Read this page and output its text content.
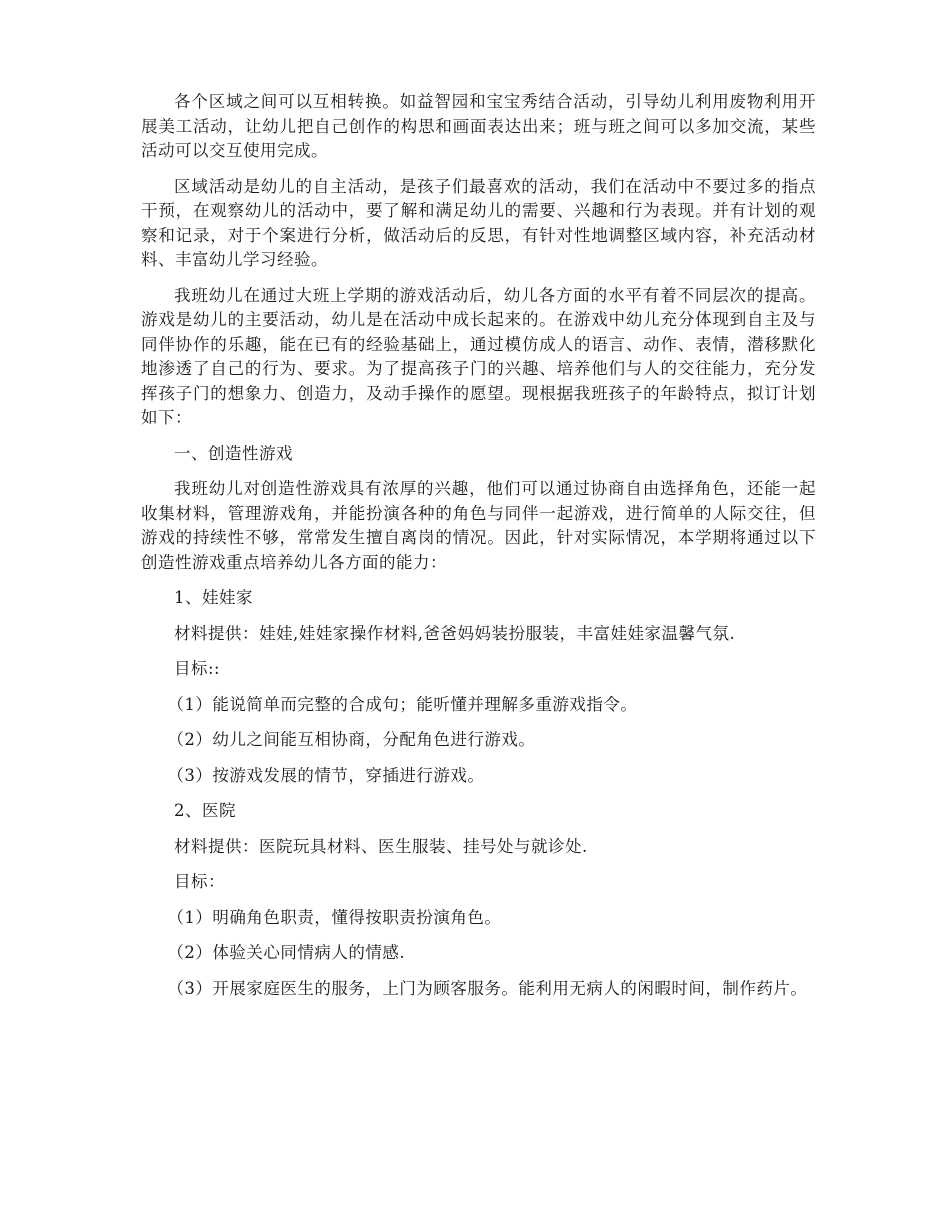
各个区域之间可以互相转换。如益智园和宝宝秀结合活动，引导幼儿利用废物利用开展美工活动，让幼儿把自己创作的构思和画面表达出来；班与班之间可以多加交流，某些活动可以交互使用完成。

区域活动是幼儿的自主活动，是孩子们最喜欢的活动，我们在活动中不要过多的指点干预，在观察幼儿的活动中，要了解和满足幼儿的需要、兴趣和行为表现。并有计划的观察和记录，对于个案进行分析，做活动后的反思，有针对性地调整区域内容，补充活动材料、丰富幼儿学习经验。

我班幼儿在通过大班上学期的游戏活动后，幼儿各方面的水平有着不同层次的提高。游戏是幼儿的主要活动，幼儿是在活动中成长起来的。在游戏中幼儿充分体现到自主及与同伴协作的乐趣，能在已有的经验基础上，通过模仿成人的语言、动作、表情，潜移默化地渗透了自己的行为、要求。为了提高孩子门的兴趣、培养他们与人的交往能力，充分发挥孩子门的想象力、创造力，及动手操作的愿望。现根据我班孩子的年龄特点，拟订计划如下：

一、创造性游戏

我班幼儿对创造性游戏具有浓厚的兴趣，他们可以通过协商自由选择角色，还能一起收集材料，管理游戏角，并能扮演各种的角色与同伴一起游戏，进行简单的人际交往，但游戏的持续性不够，常常发生擅自离岗的情况。因此，针对实际情况，本学期将通过以下创造性游戏重点培养幼儿各方面的能力：

1、娃娃家

材料提供：娃娃,娃娃家操作材料,爸爸妈妈装扮服装，丰富娃娃家温馨气氛.

目标::

（1）能说简单而完整的合成句；能听懂并理解多重游戏指令。

（2）幼儿之间能互相协商，分配角色进行游戏。

（3）按游戏发展的情节，穿插进行游戏。

2、医院

材料提供：医院玩具材料、医生服装、挂号处与就诊处.

目标：

（1）明确角色职责，懂得按职责扮演角色。

（2）体验关心同情病人的情感.

（3）开展家庭医生的服务，上门为顾客服务。能利用无病人的闲暇时间，制作药片。
